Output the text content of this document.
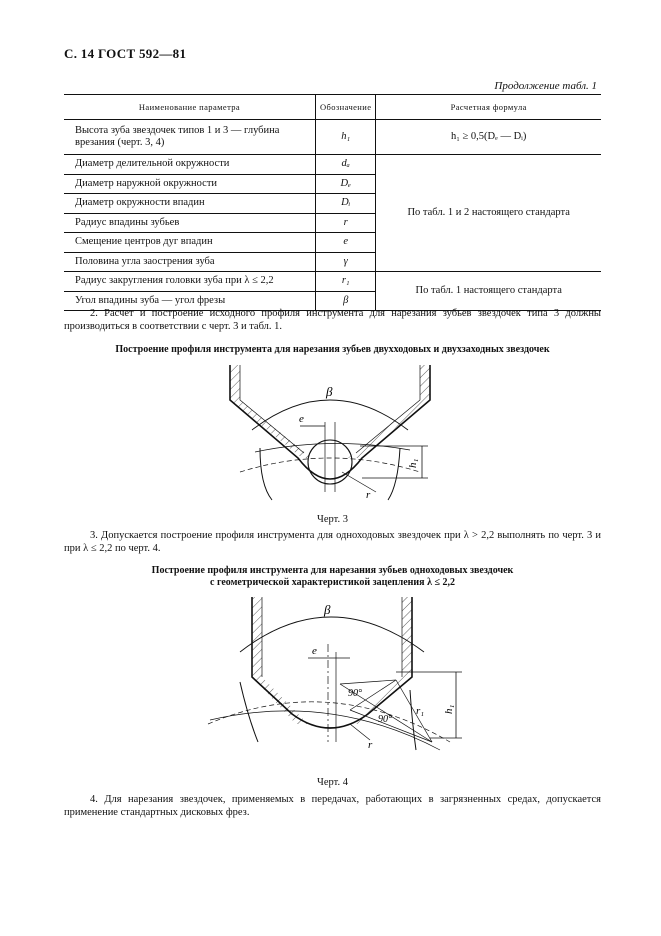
С. 14 ГОСТ 592—81
Продолжение табл. 1
Наименование параметра	Обозначение	Расчетная формула
Высота зуба звездочек типов 1 и 3 — глубина врезания (черт. 3, 4)	h₁	h₁ ≥ 0,5(Dₑ — Dᵢ)
Диаметр делительной окружности	dₐ	По табл. 1 и 2 настоящего стандарта
Диаметр наружной окружности	Dₑ	
Диаметр окружности впадин	Dᵢ	
Радиус впадины зубьев	r	
Смещение центров дуг впадин	e	
Половина угла заострения зуба	γ	
Радиус закругления головки зуба при λ ≤ 2,2	r₁	По табл. 1 настоящего стандарта
Угол впадины зуба — угол фрезы	β	

2. Расчет и построение исходного профиля инструмента для нарезания зубьев звездочек типа 3 должны производиться в соответствии с черт. 3 и табл. 1.

Построение профиля инструмента для нарезания зубьев двухходовых и двухзаходных звездочек
β
e
h₁
r
Черт. 3

3. Допускается построение профиля инструмента для одноходовых звездочек при λ > 2,2 выполнять по черт. 3 и при λ ≤ 2,2 по черт. 4.

Построение профиля инструмента для нарезания зубьев одноходовых звездочек
с геометрической характеристикой зацепления λ ≤ 2,2
β
e
90°
90°
r₁ h₁
r
Черт. 4

4. Для нарезания звездочек, применяемых в передачах, работающих в загрязненных средах, допускается применение стандартных дисковых фрез.
